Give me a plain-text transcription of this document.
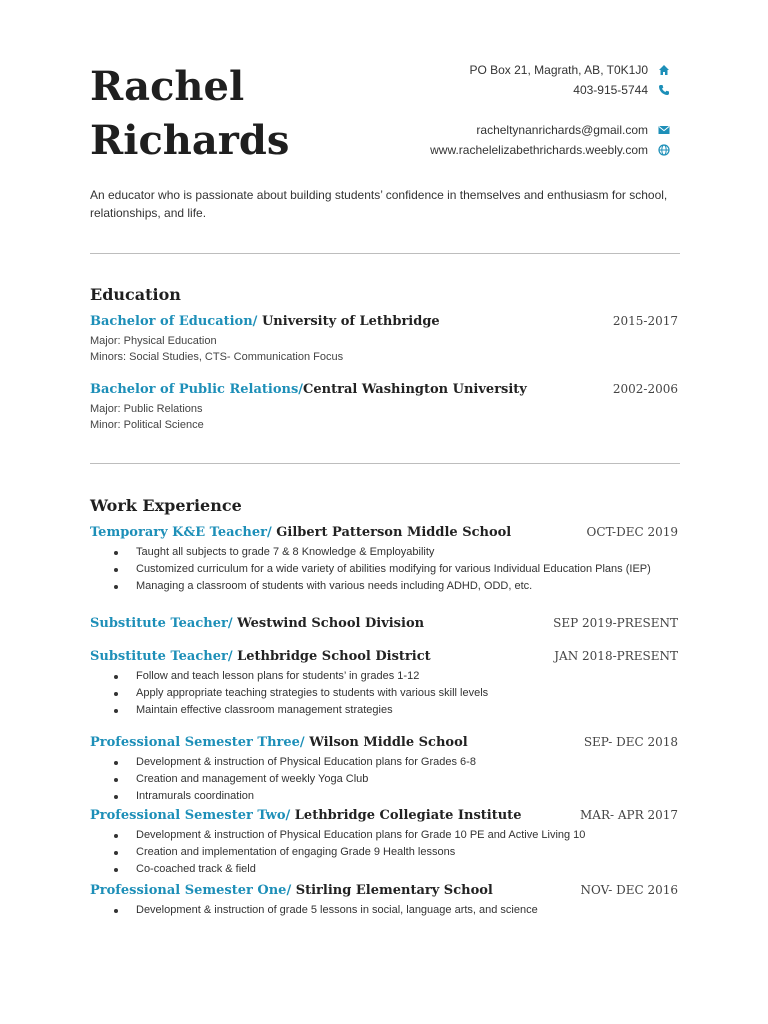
Rachel
Richards
PO Box 21, Magrath, AB, T0K1J0
403-915-5744
racheltynanrichards@gmail.com
www.rachelelizabethrichards.weebly.com
An educator who is passionate about building students’ confidence in themselves and enthusiasm for school, relationships, and life.
Education
Bachelor of Education/ University of Lethbridge	2015-2017
Major: Physical Education
Minors: Social Studies, CTS- Communication Focus
Bachelor of Public Relations/Central Washington University	2002-2006
Major: Public Relations
Minor: Political Science
Work Experience
Temporary K&E Teacher/ Gilbert Patterson Middle School	OCT-DEC 2019
Taught all subjects to grade 7 & 8 Knowledge & Employability
Customized curriculum for a wide variety of abilities modifying for various Individual Education Plans (IEP)
Managing a classroom of students with various needs including ADHD, ODD, etc.
Substitute Teacher/ Westwind School Division	SEP 2019-PRESENT
Substitute Teacher/ Lethbridge School District	JAN 2018-PRESENT
Follow and teach lesson plans for students’ in grades 1-12
Apply appropriate teaching strategies to students with various skill levels
Maintain effective classroom management strategies
Professional Semester Three/ Wilson Middle School	SEP- DEC 2018
Development & instruction of Physical Education plans for Grades 6-8
Creation and management of weekly Yoga Club
Intramurals coordination
Professional Semester Two/ Lethbridge Collegiate Institute	MAR- APR 2017
Development & instruction of Physical Education plans for Grade 10 PE and Active Living 10
Creation and implementation of engaging Grade 9 Health lessons
Co-coached track & field
Professional Semester One/ Stirling Elementary School	NOV- DEC 2016
Development & instruction of grade 5 lessons in social, language arts, and science
